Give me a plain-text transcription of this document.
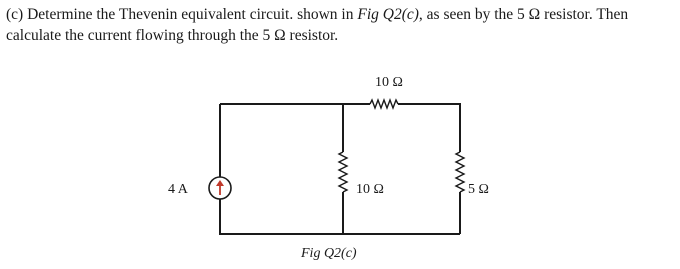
(c) Determine the Thevenin equivalent circuit. shown in Fig Q2(c), as seen by the 5 Ω resistor. Then calculate the current flowing through the 5 Ω resistor.

4 A
10 Ω
10 Ω	5 Ω
Fig Q2(c)
